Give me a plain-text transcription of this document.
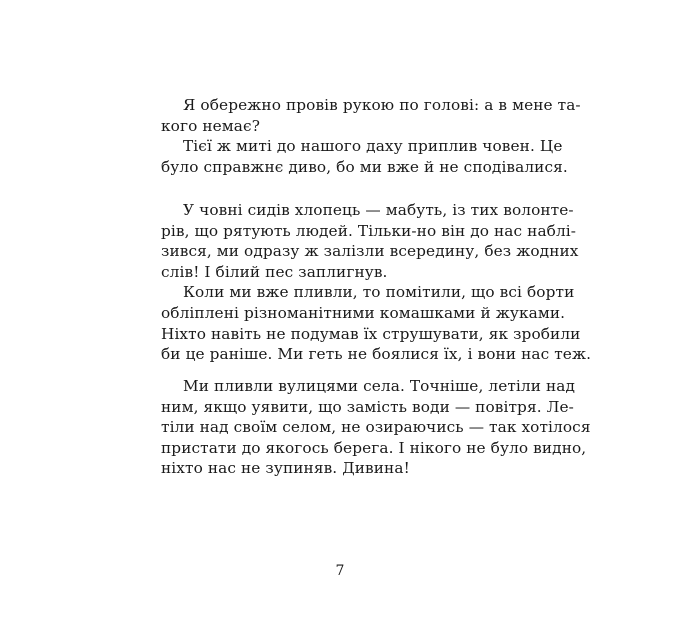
Я обережно провів рукою по голові: а в мене та-
кого немає?
Тієї ж миті до нашого даху приплив човен. Це
було справжнє диво, бо ми вже й не сподівалися.
У човні сидів хлопець — мабуть, із тих волонте-
рів, що рятують людей. Тільки-но він до нас наблі-
зився, ми одразу ж залізли всередину, без жодних
слів! І білий пес заплигнув.
Коли ми вже пливли, то помітили, що всі борти
обліплені різноманітними комашками й жуками.
Ніхто навіть не подумав їх струшувати, як зробили
би це раніше. Ми геть не боялися їх, і вони нас теж.
Ми пливли вулицями села. Точніше, летіли над
ним, якщо уявити, що замість води — повітря. Ле-
тіли над своїм селом, не озираючись — так хотілося
пристати до якогось берега. І нікого не було видно,
ніхто нас не зупиняв. Дивина!
7
